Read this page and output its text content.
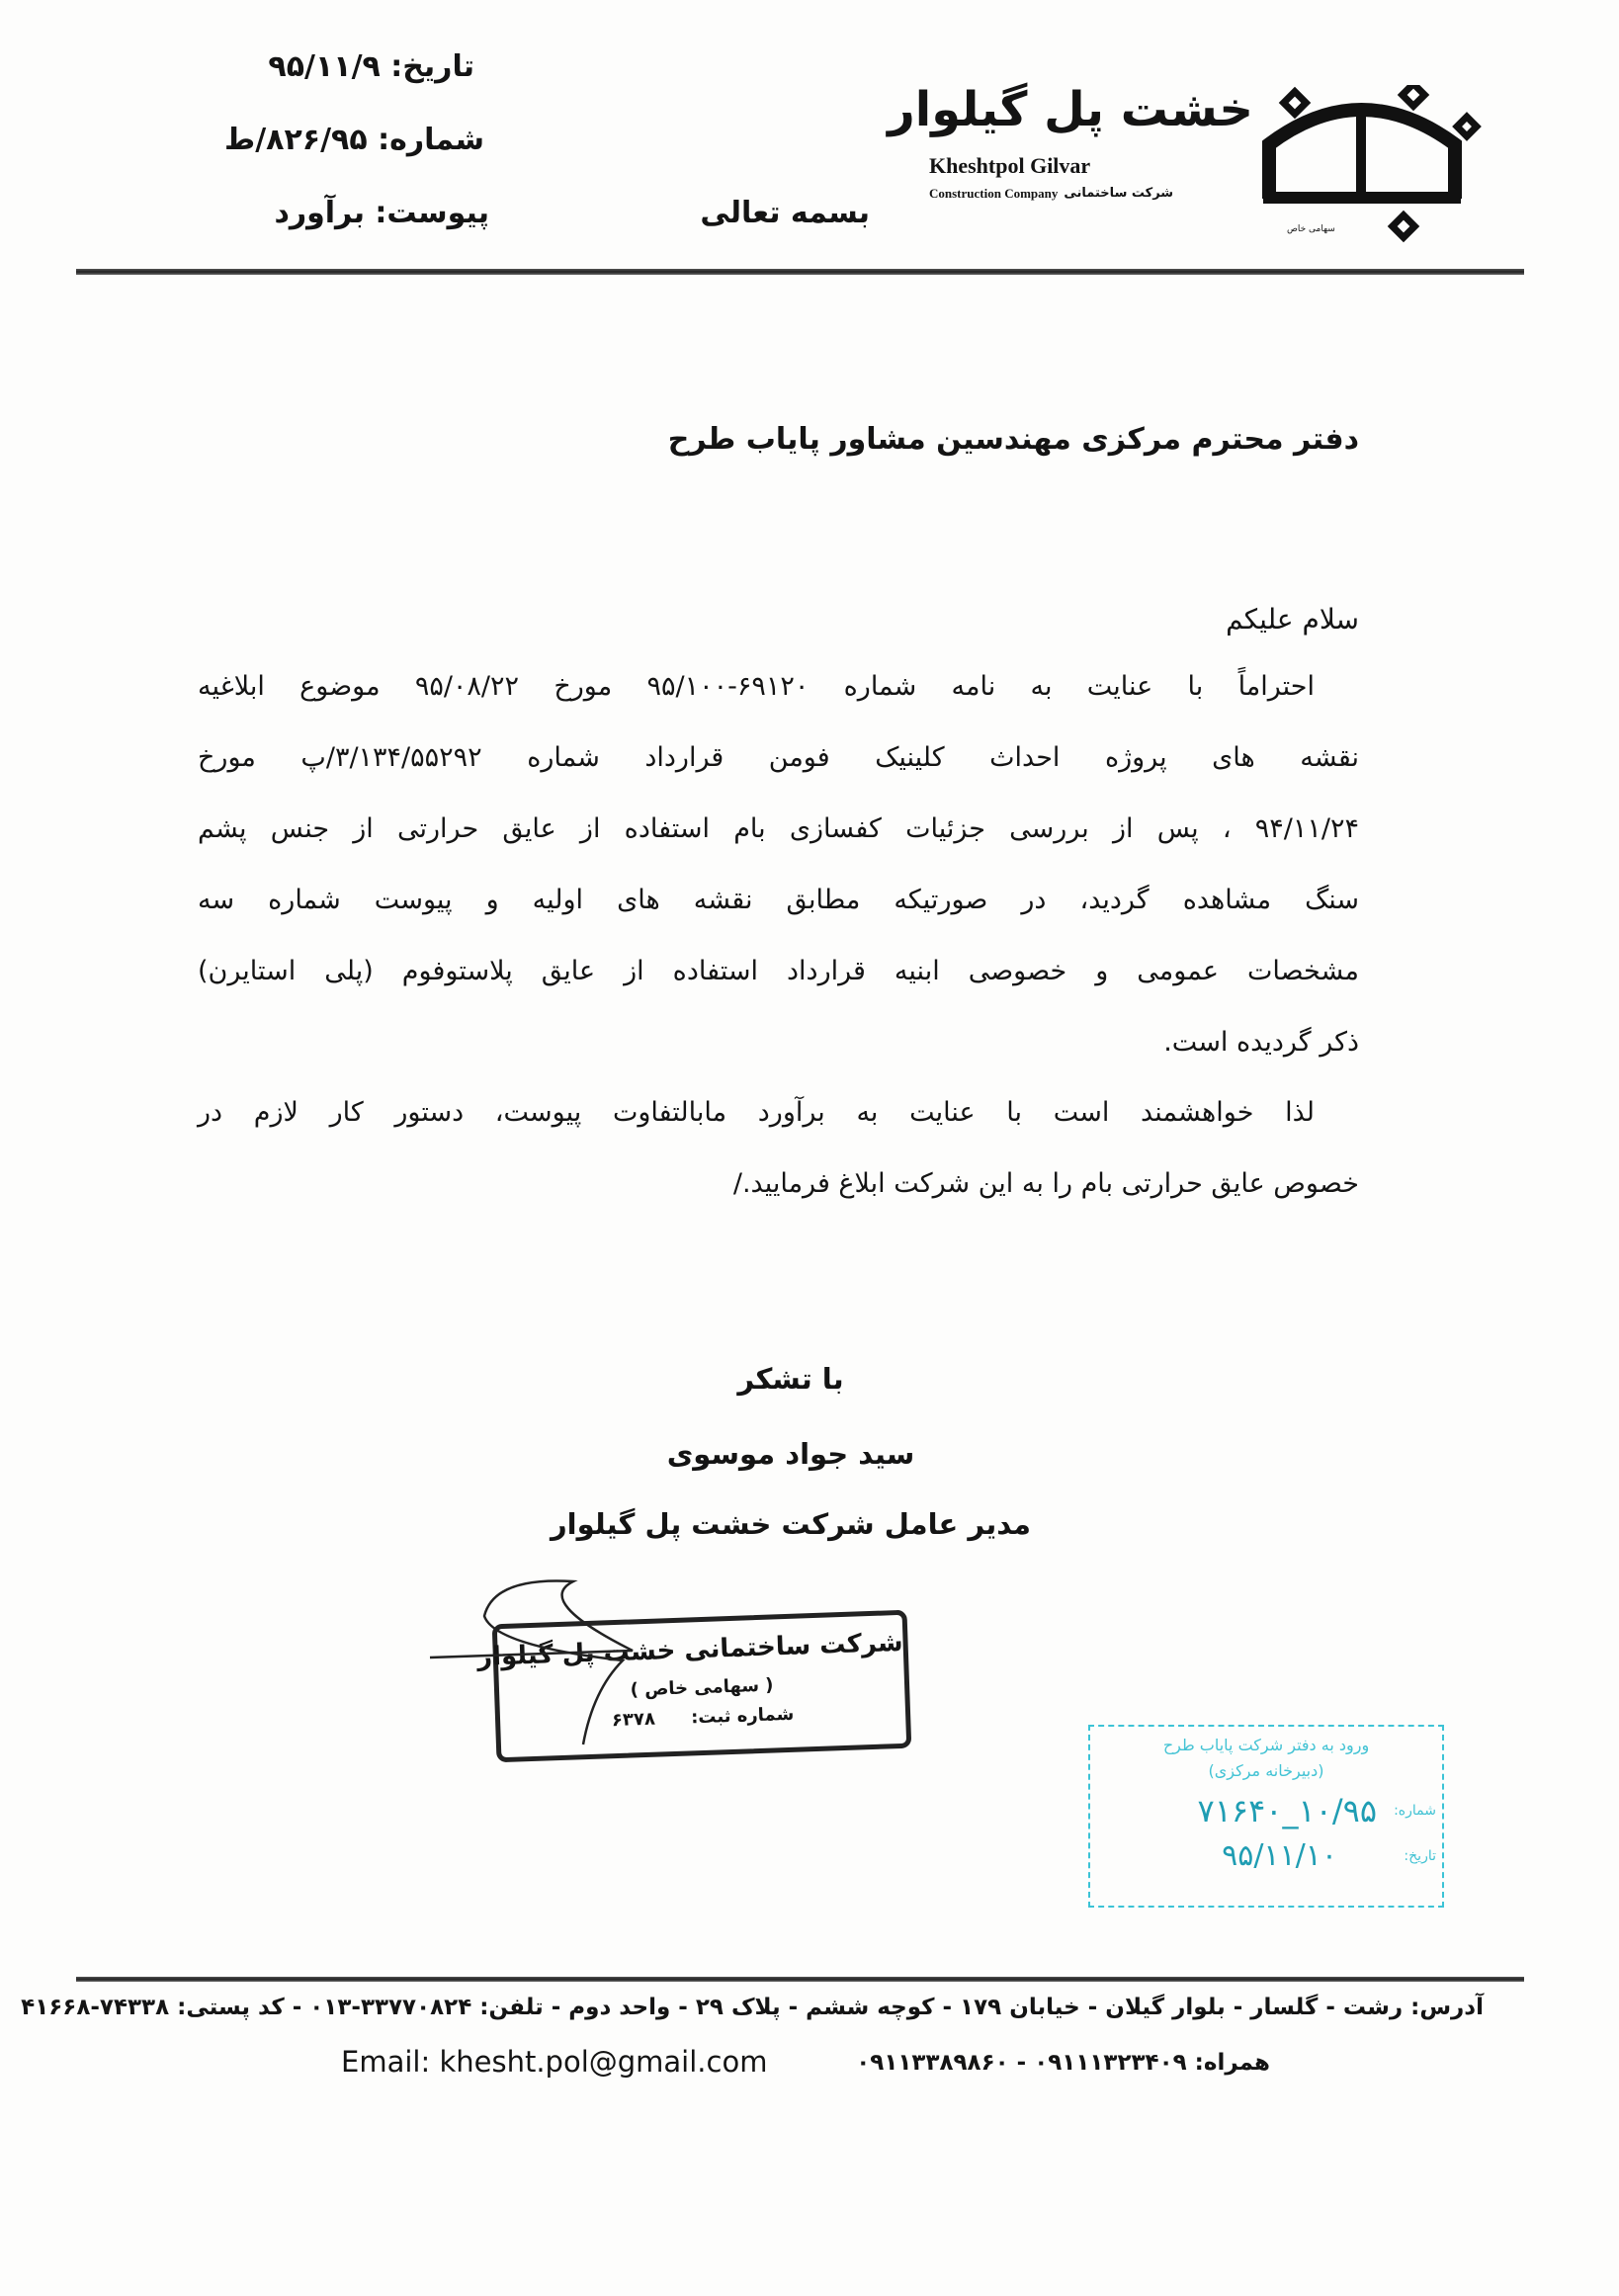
تاریخ: ۹۵/۱۱/۹
شماره: ۸۲۶/۹۵/ط
پیوست: برآورد	بسمه تعالی
خشت پل گیلوار
Kheshtpol Gilvar
Construction Company شرکت ساختمانی
سهامی خاص
دفتر محترم مرکزی مهندسین مشاور پایاب طرح
سلام علیکم
احتراماً با عنایت به نامه شماره ۶۹۱۲۰-۹۵/۱۰۰ مورخ ۹۵/۰۸/۲۲ موضوع ابلاغیه
نقشه های پروژه احداث کلینیک فومن قرارداد شماره ۳/۱۳۴/۵۵۲۹۲/پ مورخ
۹۴/۱۱/۲۴ ، پس از بررسی جزئیات کفسازی بام استفاده از عایق حرارتی از جنس پشم
سنگ مشاهده گردید، در صورتیکه مطابق نقشه های اولیه و پیوست شماره سه
مشخصات عمومی و خصوصی ابنیه قرارداد استفاده از عایق پلاستوفوم (پلی استایرن)
ذکر گردیده است.
لذا خواهشمند است با عنایت به برآورد مابالتفاوت پیوست، دستور کار لازم در
خصوص عایق حرارتی بام را به این شرکت ابلاغ فرمایید./
با تشکر
سید جواد موسوی
مدیر عامل شرکت خشت پل گیلوار
شرکت ساختمانی خشت پل گیلوار
( سهامی خاص )
شماره ثبت: ۶۳۷۸
ورود به دفتر شرکت پایاب طرح
(دبیرخانه مرکزی)
شماره:
۱۰/۹۵_۷۱۶۴۰
تاریخ:
۹۵/۱۱/۱۰
آدرس: رشت - گلسار - بلوار گیلان - خیابان ۱۷۹ - کوچه ششم - پلاک ۲۹ - واحد دوم - تلفن: ۳۳۷۷۰۸۲۴-۰۱۳ - کد پستی: ۷۴۳۳۸-۴۱۶۶۸
همراه: ۰۹۱۱۱۳۲۳۴۰۹ - ۰۹۱۱۳۳۸۹۸۶۰
Email: khesht.pol@gmail.com
